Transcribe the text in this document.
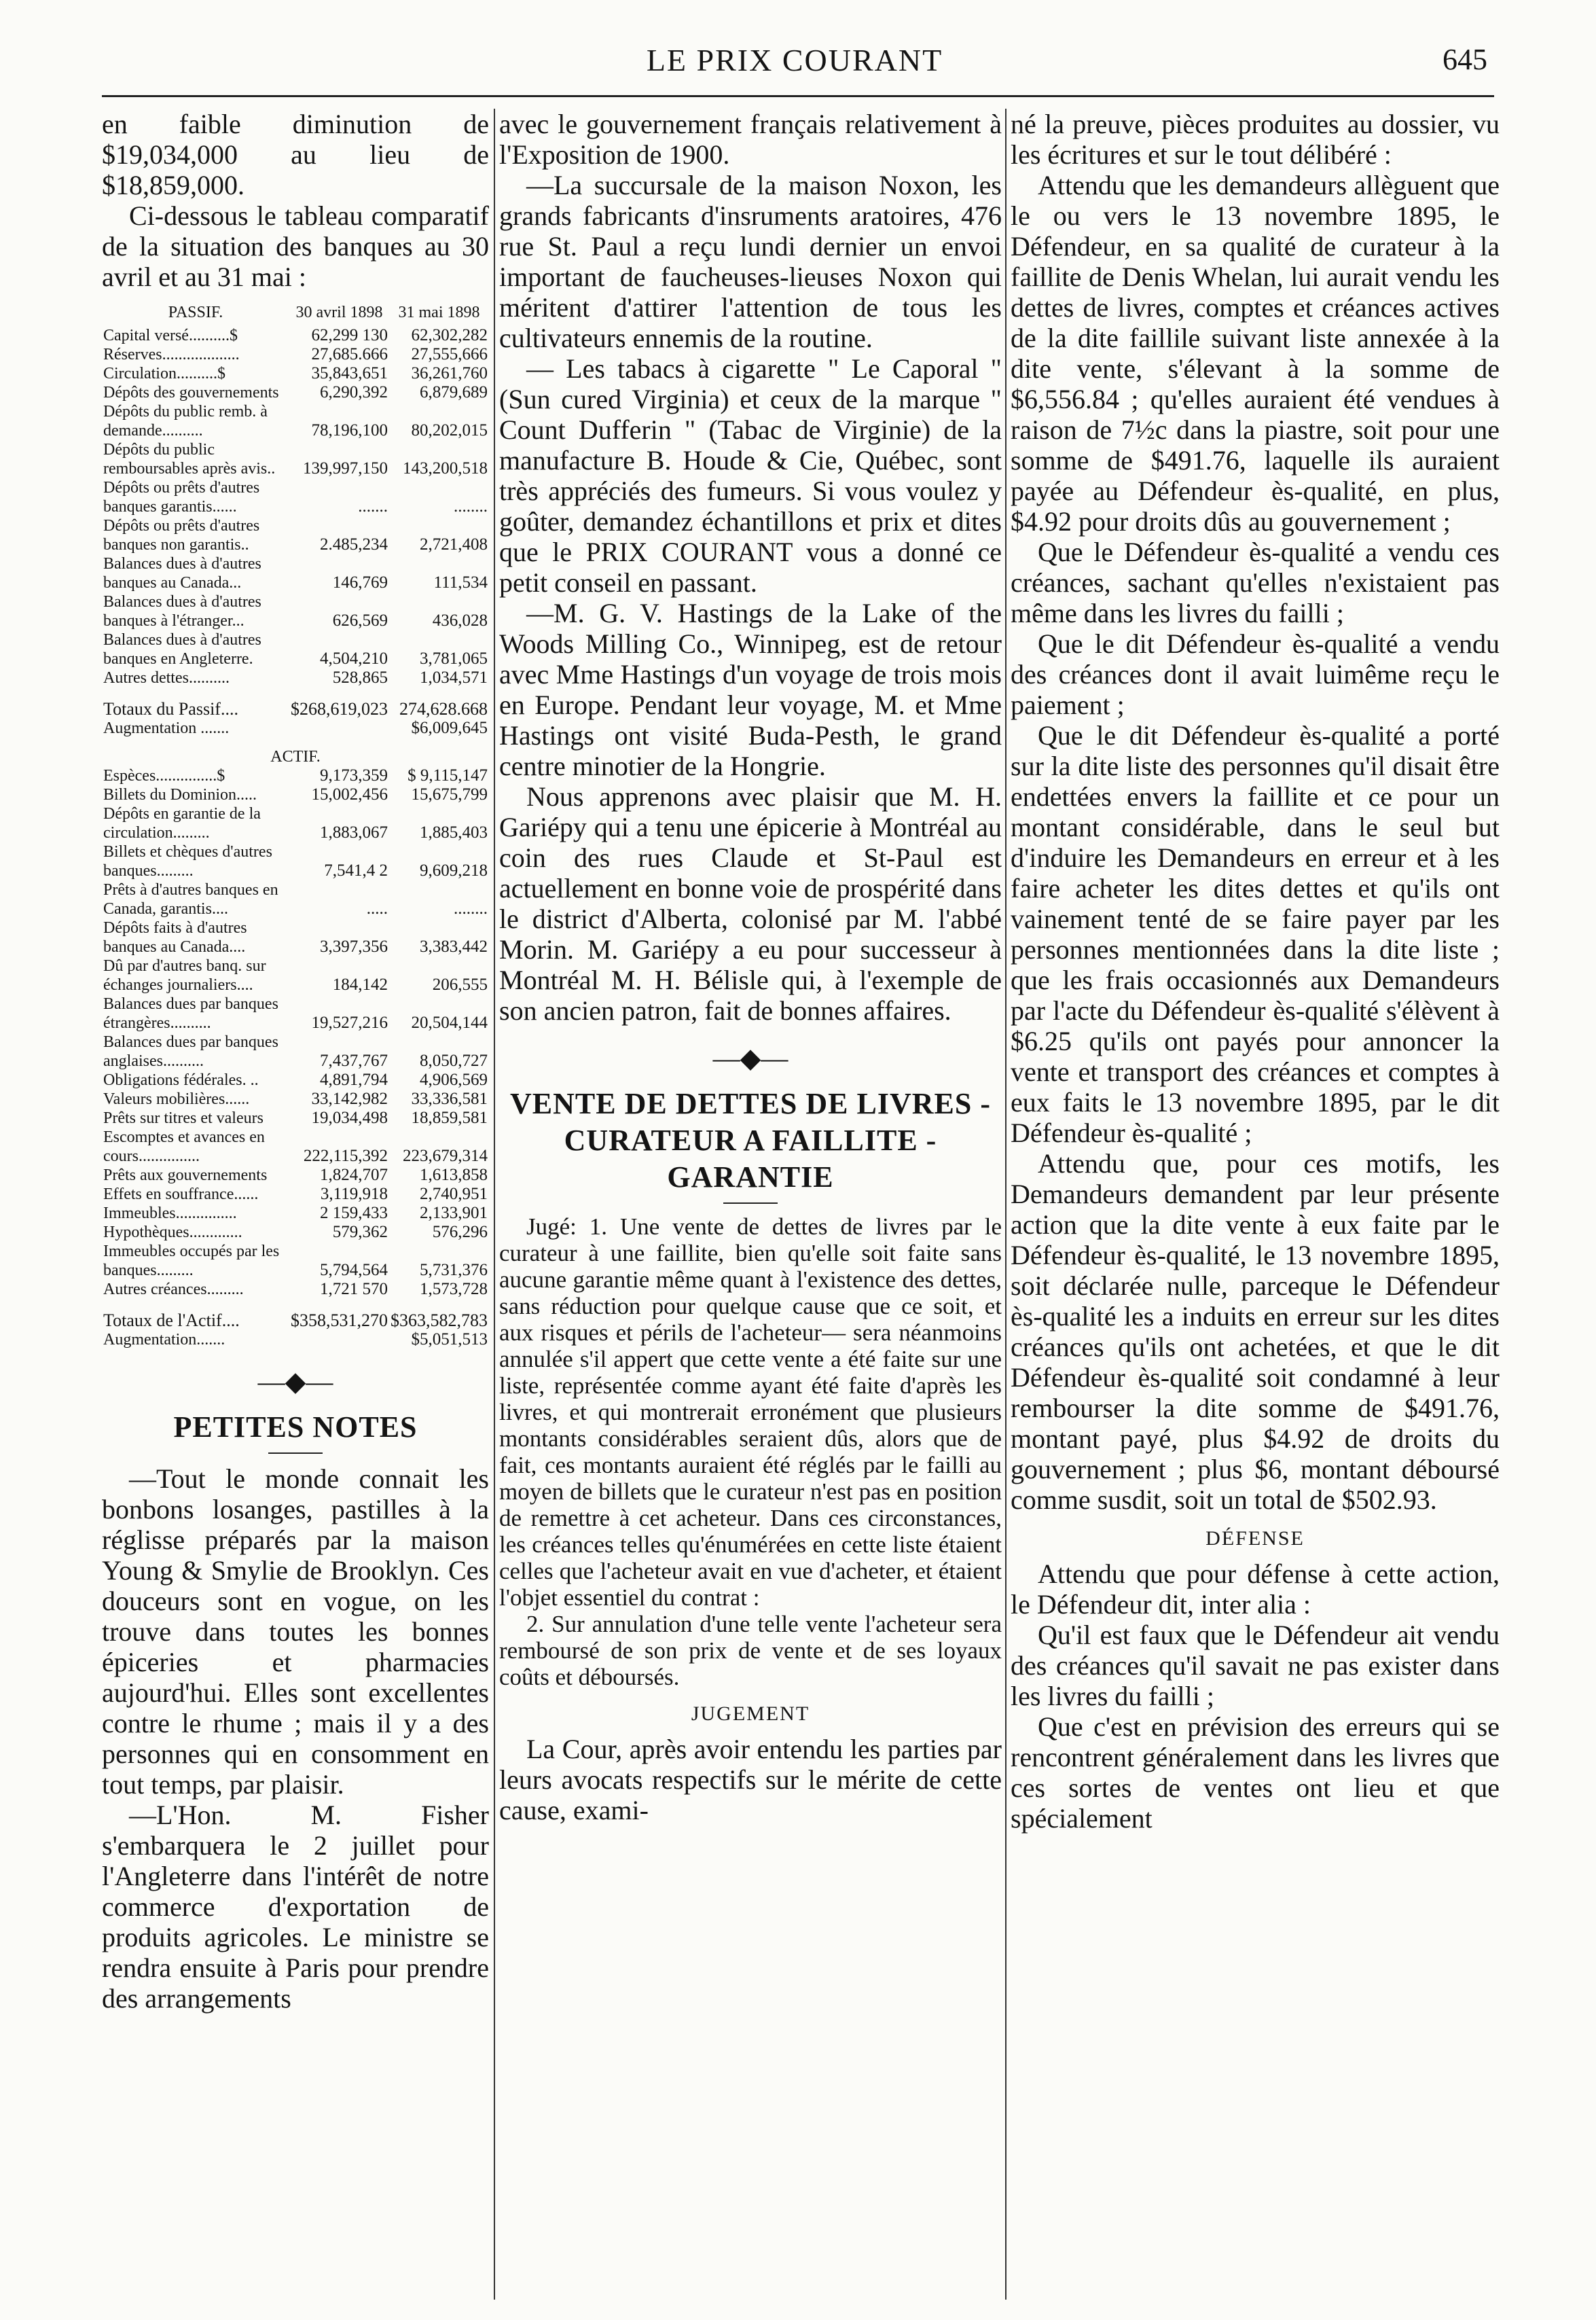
LE PRIX COURANT	645

en faible diminution de $19,034,000 au lieu de $18,859,000.

Ci-dessous le tableau comparatif de la situation des banques au 30 avril et au 31 mai :

PASSIF.	30 avril 1898	31 mai 1898
Capital versé..........$	62,299 130	62,302,282
Réserves...................	27,685.666	27,555,666
Circulation..........$	35,843,651	36,261,760
Dépôts des gouvernements	6,290,392	6,879,689
Dépôts du public remb. à demande..........	78,196,100	80,202,015
Dépôts du public remboursables après avis..	139,997,150	143,200,518
Dépôts ou prêts d'autres banques garantis......	.......	........
Dépôts ou prêts d'autres banques non garantis..	2.485,234	2,721,408
Balances dues à d'autres banques au Canada...	146,769	111,534
Balances dues à d'autres banques à l'étranger...	626,569	436,028
Balances dues à d'autres banques en Angleterre.	4,504,210	3,781,065
Autres dettes..........	528,865	1,034,571
Totaux du Passif....	$268,619,023	274,628.668
Augmentation .......		$6,009,645
ACTIF.		
Espèces...............$	9,173,359	$ 9,115,147
Billets du Dominion.....	15,002,456	15,675,799
Dépôts en garantie de la circulation.........	1,883,067	1,885,403
Billets et chèques d'autres banques.........	7,541,4 2	9,609,218
Prêts à d'autres banques en Canada, garantis....	.....	........
Dépôts faits à d'autres banques au Canada....	3,397,356	3,383,442
Dû par d'autres banq. sur échanges journaliers....	184,142	206,555
Balances dues par banques étrangères..........	19,527,216	20,504,144
Balances dues par banques anglaises..........	7,437,767	8,050,727
Obligations fédérales. ..	4,891,794	4,906,569
Valeurs mobilières......	33,142,982	33,336,581
Prêts sur titres et valeurs	19,034,498	18,859,581
Escomptes et avances en cours...............	222,115,392	223,679,314
Prêts aux gouvernements	1,824,707	1,613,858
Effets en souffrance......	3,119,918	2,740,951
Immeubles...............	2 159,433	2,133,901
Hypothèques.............	579,362	576,296
Immeubles occupés par les banques.........	5,794,564	5,731,376
Autres créances.........	1,721 570	1,573,728
Totaux de l'Actif....	$358,531,270	$363,582,783
Augmentation.......		$5,051,513
—◆—
PETITES NOTES

—Tout le monde connait les bonbons losanges, pastilles à la réglisse préparés par la maison Young & Smylie de Brooklyn. Ces douceurs sont en vogue, on les trouve dans toutes les bonnes épiceries et pharmacies aujourd'hui. Elles sont excellentes contre le rhume ; mais il y a des personnes qui en consomment en tout temps, par plaisir.

—L'Hon. M. Fisher s'embarquera le 2 juillet pour l'Angleterre dans l'intérêt de notre commerce d'exportation de produits agricoles. Le ministre se rendra ensuite à Paris pour prendre des arrangements

avec le gouvernement français relativement à l'Exposition de 1900.

—La succursale de la maison Noxon, les grands fabricants d'insruments aratoires, 476 rue St. Paul a reçu lundi dernier un envoi important de faucheuses-lieuses Noxon qui méritent d'attirer l'attention de tous les cultivateurs ennemis de la routine.

— Les tabacs à cigarette " Le Caporal " (Sun cured Virginia) et ceux de la marque " Count Dufferin " (Tabac de Virginie) de la manufacture B. Houde & Cie, Québec, sont très appréciés des fumeurs. Si vous voulez y goûter, demandez échantillons et prix et dites que le PRIX COURANT vous a donné ce petit conseil en passant.

—M. G. V. Hastings de la Lake of the Woods Milling Co., Winnipeg, est de retour avec Mme Hastings d'un voyage de trois mois en Europe. Pendant leur voyage, M. et Mme Hastings ont visité Buda-Pesth, le grand centre minotier de la Hongrie.

Nous apprenons avec plaisir que M. H. Gariépy qui a tenu une épicerie à Montréal au coin des rues Claude et St-Paul est actuellement en bonne voie de prospérité dans le district d'Alberta, colonisé par M. l'abbé Morin. M. Gariépy a eu pour successeur à Montréal M. H. Bélisle qui, à l'exemple de son ancien patron, fait de bonnes affaires.

—◆—
VENTE DE DETTES DE LIVRES -CURATEUR A FAILLITE - GARANTIE

Jugé: 1. Une vente de dettes de livres par le curateur à une faillite, bien qu'elle soit faite sans aucune garantie même quant à l'existence des dettes, sans réduction pour quelque cause que ce soit, et aux risques et périls de l'acheteur— sera néanmoins annulée s'il appert que cette vente a été faite sur une liste, représentée comme ayant été faite d'après les livres, et qui montrerait erronément que plusieurs montants considérables seraient dûs, alors que de fait, ces montants auraient été réglés par le failli au moyen de billets que le curateur n'est pas en position de remettre à cet acheteur. Dans ces circonstances, les créances telles qu'énumérées en cette liste étaient celles que l'acheteur avait en vue d'acheter, et étaient l'objet essentiel du contrat :

2. Sur annulation d'une telle vente l'acheteur sera remboursé de son prix de vente et de ses loyaux coûts et déboursés.

JUGEMENT

La Cour, après avoir entendu les parties par leurs avocats respectifs sur le mérite de cette cause, exami-

né la preuve, pièces produites au dossier, vu les écritures et sur le tout délibéré :

Attendu que les demandeurs allèguent que le ou vers le 13 novembre 1895, le Défendeur, en sa qualité de curateur à la faillite de Denis Whelan, lui aurait vendu les dettes de livres, comptes et créances actives de la dite faillile suivant liste annexée à la dite vente, s'élevant à la somme de $6,556.84 ; qu'elles auraient été vendues à raison de 7½c dans la piastre, soit pour une somme de $491.76, laquelle ils auraient payée au Défendeur ès-qualité, en plus, $4.92 pour droits dûs au gouvernement ;

Que le Défendeur ès-qualité a vendu ces créances, sachant qu'elles n'existaient pas même dans les livres du failli ;

Que le dit Défendeur ès-qualité a vendu des créances dont il avait luimême reçu le paiement ;

Que le dit Défendeur ès-qualité a porté sur la dite liste des personnes qu'il disait être endettées envers la faillite et ce pour un montant considérable, dans le seul but d'induire les Demandeurs en erreur et à les faire acheter les dites dettes et qu'ils ont vainement tenté de se faire payer par les personnes mentionnées dans la dite liste ; que les frais occasionnés aux Demandeurs par l'acte du Défendeur ès-qualité s'élèvent à $6.25 qu'ils ont payés pour annoncer la vente et transport des créances et comptes à eux faits le 13 novembre 1895, par le dit Défendeur ès-qualité ;

Attendu que, pour ces motifs, les Demandeurs demandent par leur présente action que la dite vente à eux faite par le Défendeur ès-qualité, le 13 novembre 1895, soit déclarée nulle, parceque le Défendeur ès-qualité les a induits en erreur sur les dites créances qu'ils ont achetées, et que le dit Défendeur ès-qualité soit condamné à leur rembourser la dite somme de $491.76, montant payé, plus $4.92 de droits du gouvernement ; plus $6, montant déboursé comme susdit, soit un total de $502.93.

DÉFENSE

Attendu que pour défense à cette action, le Défendeur dit, inter alia :

Qu'il est faux que le Défendeur ait vendu des créances qu'il savait ne pas exister dans les livres du failli ;

Que c'est en prévision des erreurs qui se rencontrent généralement dans les livres que ces sortes de ventes ont lieu et que spécialement
